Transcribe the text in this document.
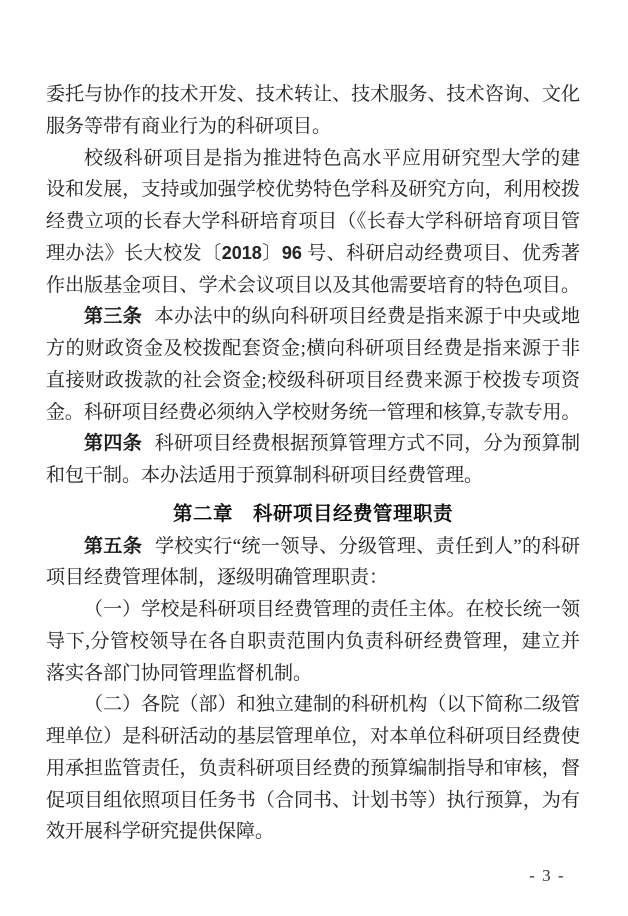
委托与协作的技术开发、技术转让、技术服务、技术咨询、文化
服务等带有商业行为的科研项目。
校级科研项目是指为推进特色高水平应用研究型大学的建
设和发展，支持或加强学校优势特色学科及研究方向，利用校拨
经费立项的长春大学科研培育项目（《长春大学科研培育项目管
理办法》长大校发〔2018〕96 号、科研启动经费项目、优秀著
作出版基金项目、学术会议项目以及其他需要培育的特色项目。
第三条 本办法中的纵向科研项目经费是指来源于中央或地
方的财政资金及校拨配套资金;横向科研项目经费是指来源于非
直接财政拨款的社会资金;校级科研项目经费来源于校拨专项资
金。科研项目经费必须纳入学校财务统一管理和核算,专款专用。
第四条 科研项目经费根据预算管理方式不同，分为预算制
和包干制。本办法适用于预算制科研项目经费管理。
第二章　科研项目经费管理职责
第五条 学校实行“统一领导、分级管理、责任到人”的科研
项目经费管理体制，逐级明确管理职责：
（一）学校是科研项目经费管理的责任主体。在校长统一领
导下,分管校领导在各自职责范围内负责科研经费管理，建立并
落实各部门协同管理监督机制。
（二）各院（部）和独立建制的科研机构（以下简称二级管
理单位）是科研活动的基层管理单位，对本单位科研项目经费使
用承担监管责任，负责科研项目经费的预算编制指导和审核，督
促项目组依照项目任务书（合同书、计划书等）执行预算，为有
效开展科学研究提供保障。
- 3 -
